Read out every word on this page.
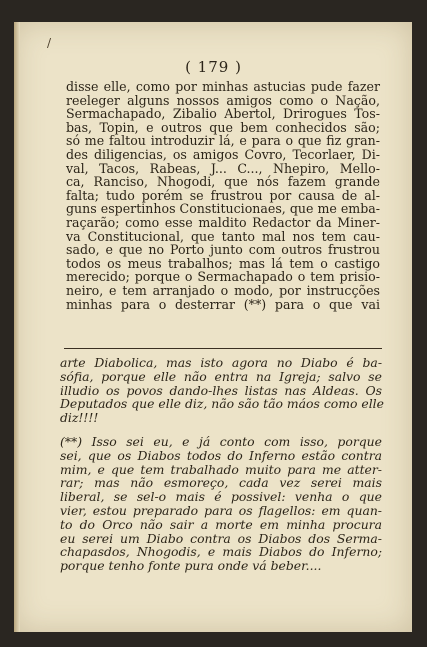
/
( 179 )
disse elle, como por minhas astucias pude fazer
reeleger alguns nossos amigos como o Nação,
Sermachapado, Zibalio Abertol, Drirogues Tos-
bas, Topin, e outros que bem conhecidos são;
só me faltou introduzir lá, e para o que fiz gran-
des diligencias, os amigos Covro, Tecorlaer, Di-
val, Tacos, Rabeas, J... C..., Nhepiro, Mello-
ca, Ranciso, Nhogodi, que nós fazem grande
falta; tudo porém se frustrou por causa de al-
guns espertinhos Constitucionaes, que me emba-
raçarão; como esse maldito Redactor da Miner-
va Constitucional, que tanto mal nos tem cau-
sado, e que no Porto junto com outros frustrou
todos os meus trabalhos; mas lá tem o castigo
merecido; porque o Sermachapado o tem prisio-
neiro, e tem arranjado o modo, por instrucções
minhas para o desterrar (**) para o que vai
arte Diabolica, mas isto agora no Diabo é ba-
sófia, porque elle não entra na Igreja; salvo se
illudio os povos dando-lhes listas nas Aldeas. Os
Deputados que elle diz, não são tão máos como elle
diz!!!!
(**) Isso sei eu, e já conto com isso, porque
sei, que os Diabos todos do Inferno estão contra
mim, e que tem trabalhado muito para me atter-
rar; mas não esmoreço, cada vez serei mais
liberal, se sel-o mais é possivel: venha o que
vier, estou preparado para os flagellos: em quan-
to do Orco não sair a morte em minha procura
eu serei um Diabo contra os Diabos dos Serma-
chapasdos, Nhogodis, e mais Diabos do Inferno;
porque tenho fonte pura onde vá beber....
